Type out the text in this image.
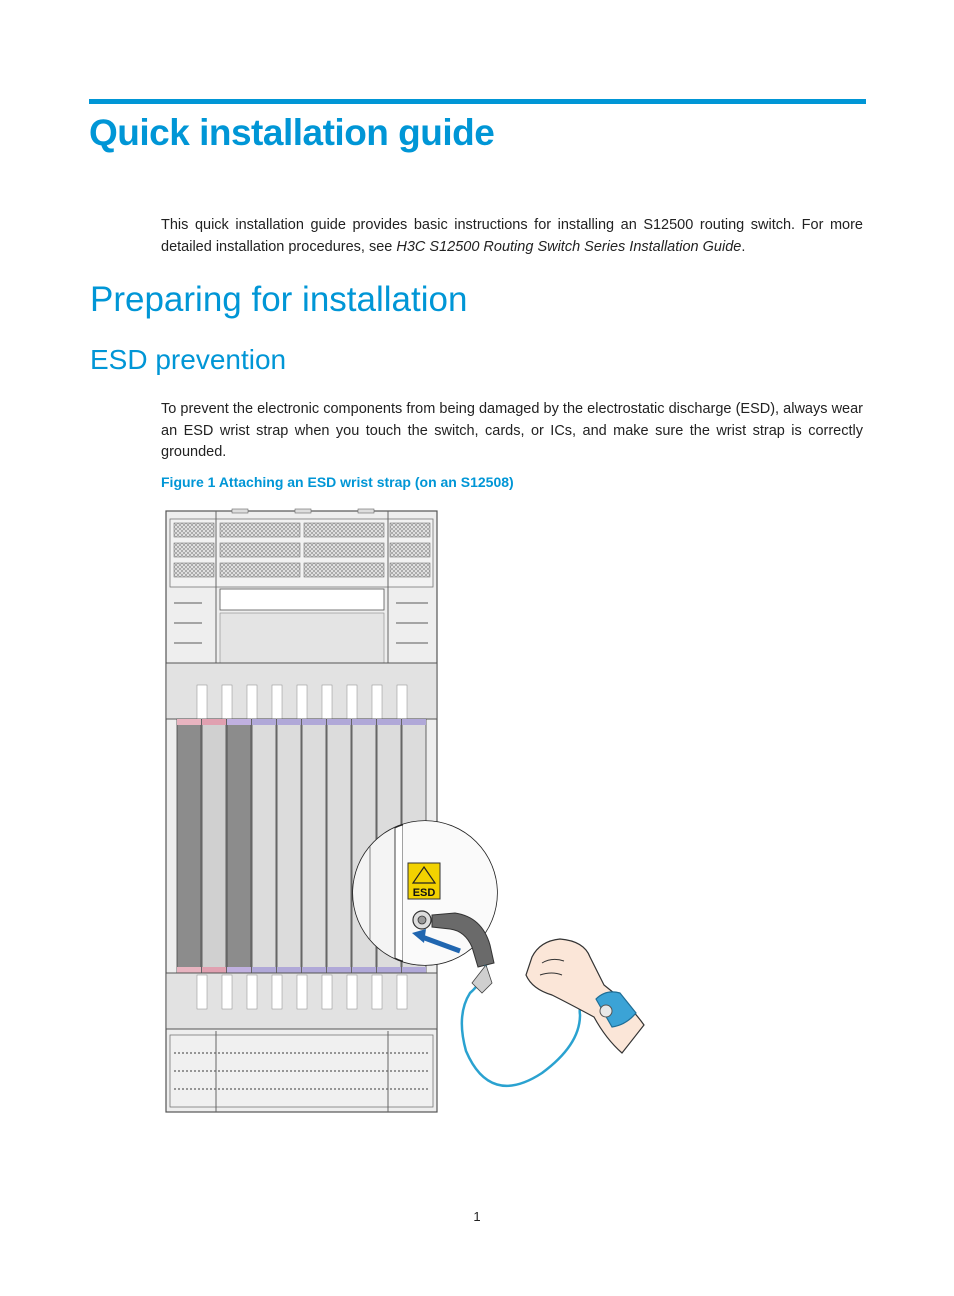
Quick installation guide

This quick installation guide provides basic instructions for installing an S12500 routing switch. For more detailed installation procedures, see H3C S12500 Routing Switch Series Installation Guide.

Preparing for installation
ESD prevention

To prevent the electronic components from being damaged by the electrostatic discharge (ESD), always wear an ESD wrist strap when you touch the switch, cards, or ICs, and make sure the wrist strap is correctly grounded.

Figure 1 Attaching an ESD wrist strap (on an S12508)

ESD
1
